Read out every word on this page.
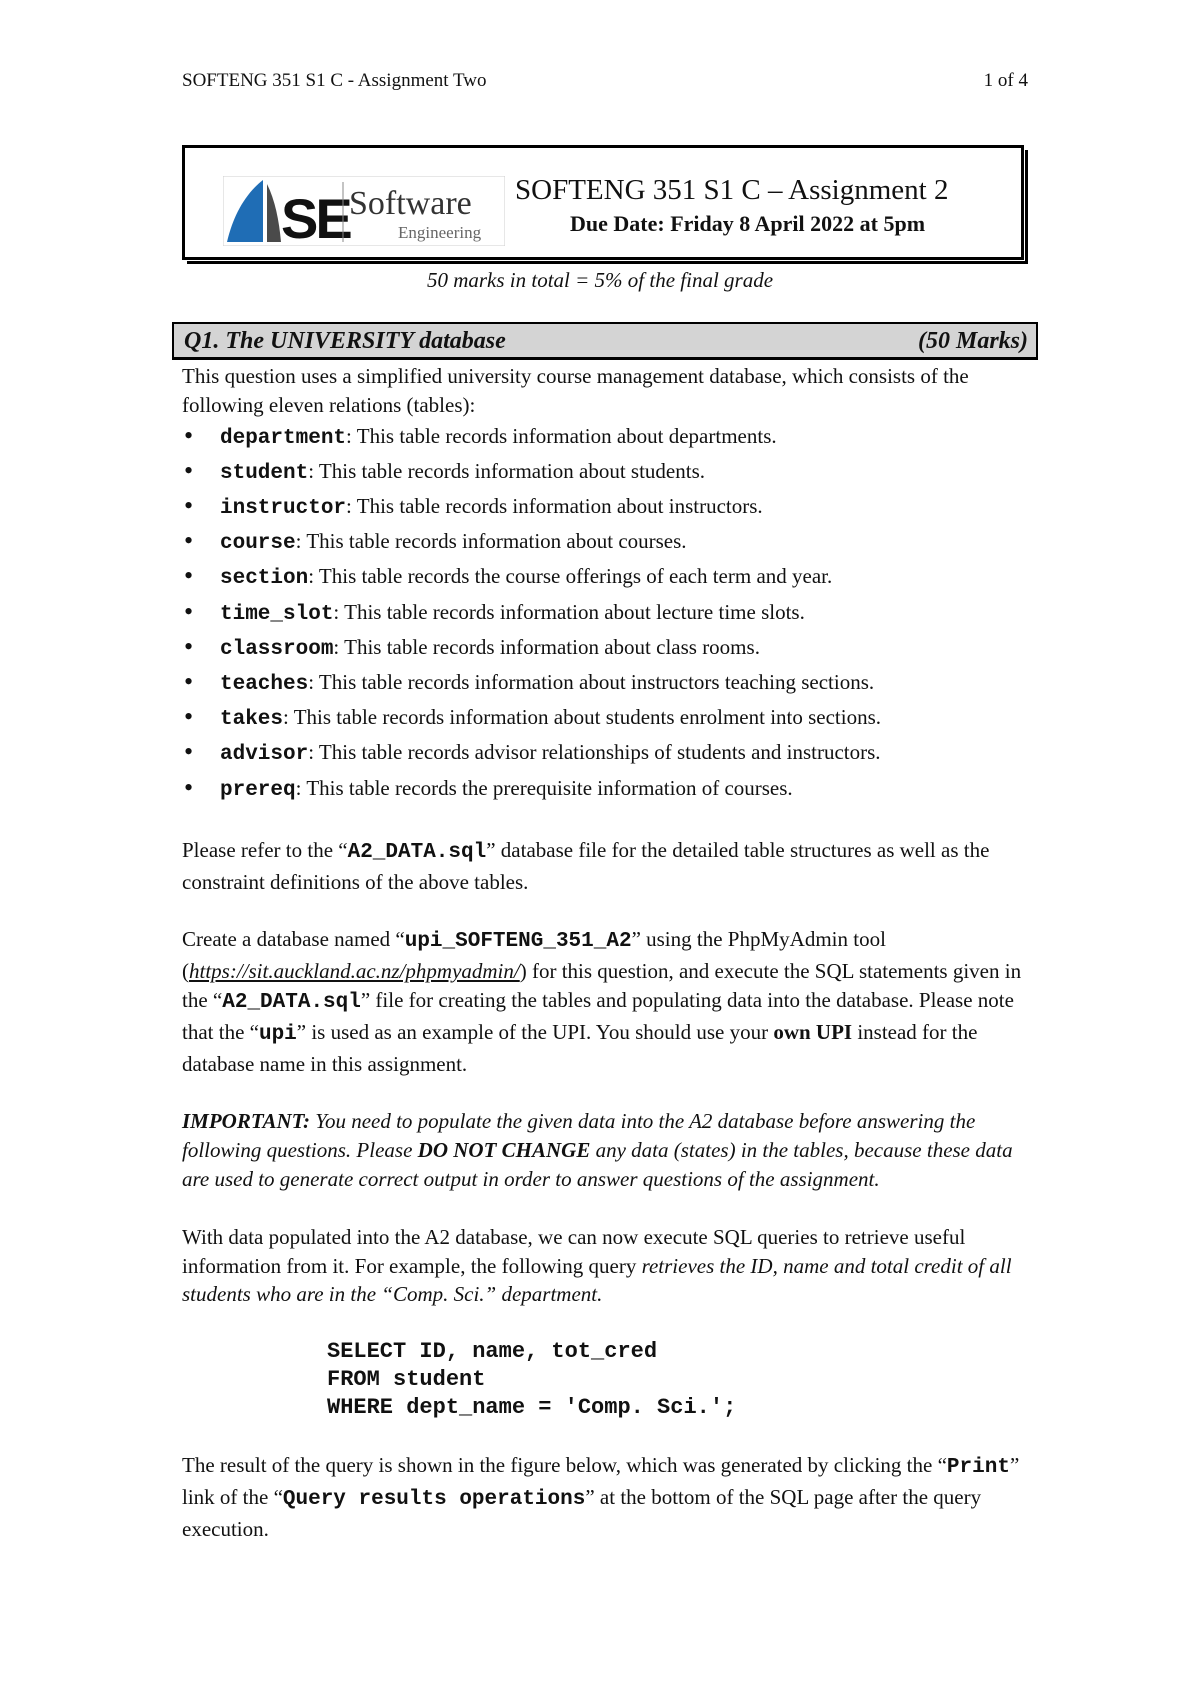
SOFTENG 351 S1 C - Assignment Two	1 of 4
SE Software
Engineering
SOFTENG 351 S1 C – Assignment 2
Due Date: Friday 8 April 2022 at 5pm
50 marks in total = 5% of the final grade
Q1. The UNIVERSITY database	(50 Marks)

This question uses a simplified university course management database, which consists of the following eleven relations (tables):

• department: This table records information about departments.
• student: This table records information about students.
• instructor: This table records information about instructors.
• course: This table records information about courses.
• section: This table records the course offerings of each term and year.
• time_slot: This table records information about lecture time slots.
• classroom: This table records information about class rooms.
• teaches: This table records information about instructors teaching sections.
• takes: This table records information about students enrolment into sections.
• advisor: This table records advisor relationships of students and instructors.
• prereq: This table records the prerequisite information of courses.

Please refer to the “A2_DATA.sql” database file for the detailed table structures as well as the constraint definitions of the above tables.

Create a database named “upi_SOFTENG_351_A2” using the PhpMyAdmin tool (https://sit.auckland.ac.nz/phpmyadmin/) for this question, and execute the SQL statements given in the “A2_DATA.sql” file for creating the tables and populating data into the database. Please note that the “upi” is used as an example of the UPI. You should use your own UPI instead for the database name in this assignment.

IMPORTANT: You need to populate the given data into the A2 database before answering the following questions. Please DO NOT CHANGE any data (states) in the tables, because these data are used to generate correct output in order to answer questions of the assignment.

With data populated into the A2 database, we can now execute SQL queries to retrieve useful information from it. For example, the following query retrieves the ID, name and total credit of all students who are in the “Comp. Sci.” department.

SELECT ID, name, tot_cred
FROM student
WHERE dept_name = 'Comp. Sci.';

The result of the query is shown in the figure below, which was generated by clicking the “Print” link of the “Query results operations” at the bottom of the SQL page after the query execution.
